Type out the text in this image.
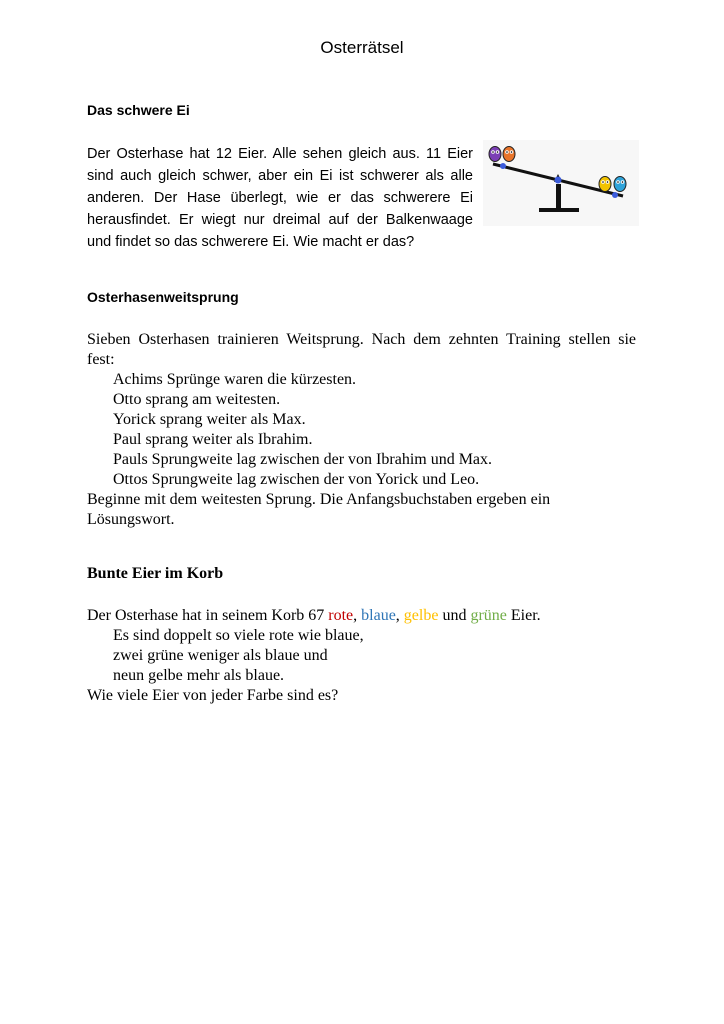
Osterrätsel
Das schwere Ei
Der Osterhase hat 12 Eier. Alle sehen gleich aus. 11 Eier
sind auch gleich schwer, aber ein Ei ist schwerer als alle
anderen. Der Hase überlegt, wie er das schwerere Ei
herausfindet. Er wiegt nur dreimal auf der Balkenwaage
und findet so das schwerere Ei. Wie macht er das?
Osterhasenweitsprung
Sieben Osterhasen trainieren Weitsprung. Nach dem zehnten Training stellen sie
fest:
Achims Sprünge waren die kürzesten.
Otto sprang am weitesten.
Yorick sprang weiter als Max.
Paul sprang weiter als Ibrahim.
Pauls Sprungweite lag zwischen der von Ibrahim und Max.
Ottos Sprungweite lag zwischen der von Yorick und Leo.
Beginne mit dem weitesten Sprung. Die Anfangsbuchstaben ergeben ein
Lösungswort.
Bunte Eier im Korb
Der Osterhase hat in seinem Korb 67 rote, blaue, gelbe und grüne Eier.
Es sind doppelt so viele rote wie blaue,
zwei grüne weniger als blaue und
neun gelbe mehr als blaue.
Wie viele Eier von jeder Farbe sind es?
